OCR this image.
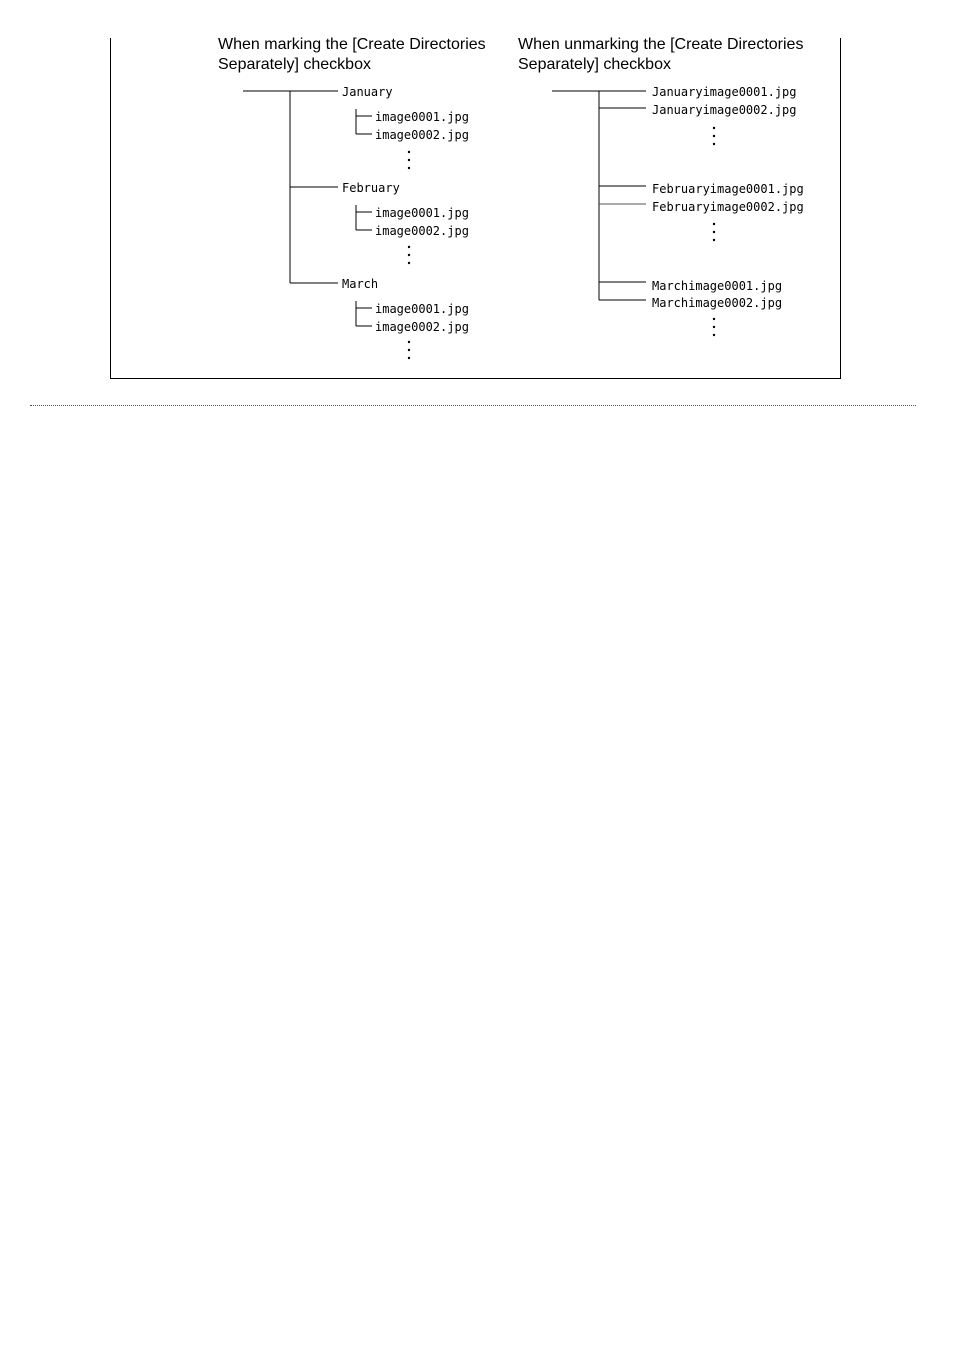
When marking the [Create Directories
Separately] checkbox
When unmarking the [Create Directories
Separately] checkbox
January
image0001.jpg
image0002.jpg
February
image0001.jpg
image0002.jpg
March
image0001.jpg
image0002.jpg
Januaryimage0001.jpg
Januaryimage0002.jpg
Februaryimage0001.jpg
Februaryimage0002.jpg
Marchimage0001.jpg
Marchimage0002.jpg
